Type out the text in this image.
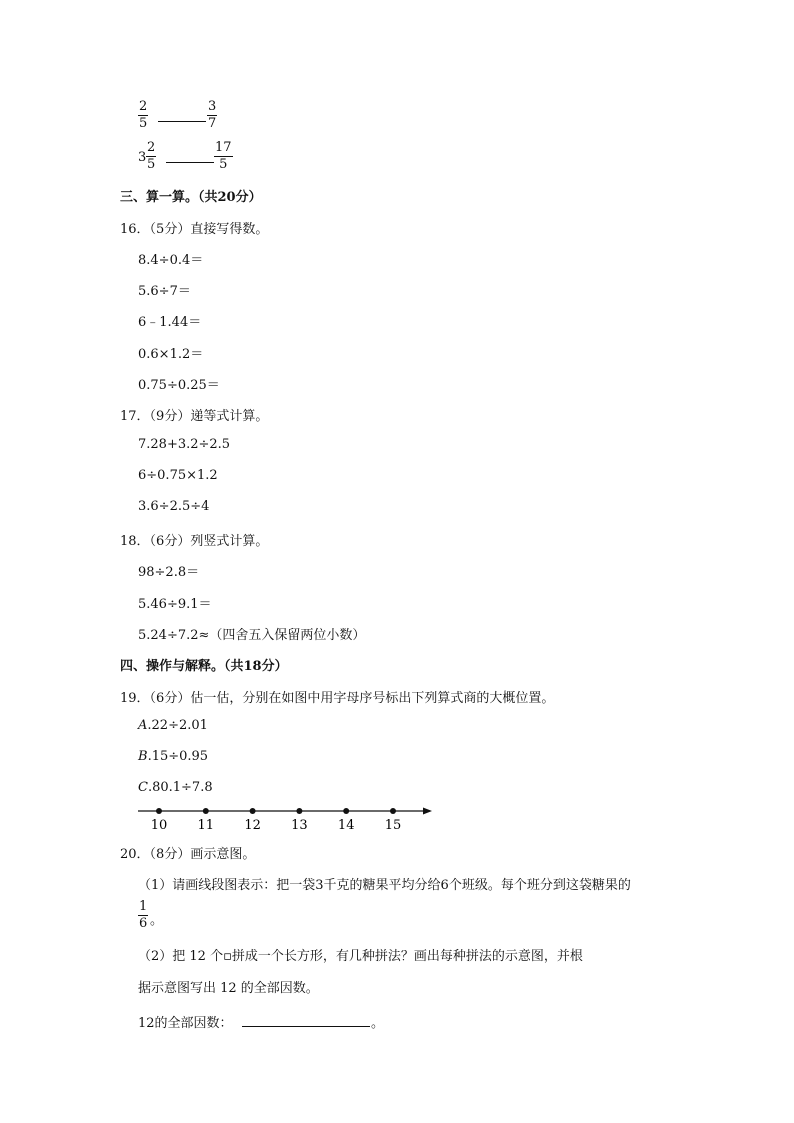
2
5
3
7
3
2
5
17
5
三、算一算。（共20分）
16．（5分）直接写得数。
8.4÷0.4＝
5.6÷7＝
6﹣1.44＝
0.6×1.2＝
0.75÷0.25＝
17．（9分）递等式计算。
7.28+3.2÷2.5
6÷0.75×1.2
3.6÷2.5÷4
18．（6分）列竖式计算。
98÷2.8＝
5.46÷9.1＝
5.24÷7.2≈（四舍五入保留两位小数）
四、操作与解释。（共18分）
19．（6分）估一估，分别在如图中用字母序号标出下列算式商的大概位置。
A.22÷2.01
B.15÷0.95
C.80.1÷7.8
10 11 12 13 14 15
20．（8分）画示意图。
（1）请画线段图表示：把一袋3千克的糖果平均分给6个班级。每个班分到这袋糖果的
1
6 。
（2）把 12 个▫拼成一个长方形，有几种拼法？画出每种拼法的示意图，并根
据示意图写出 12 的全部因数。
12的全部因数：	。
